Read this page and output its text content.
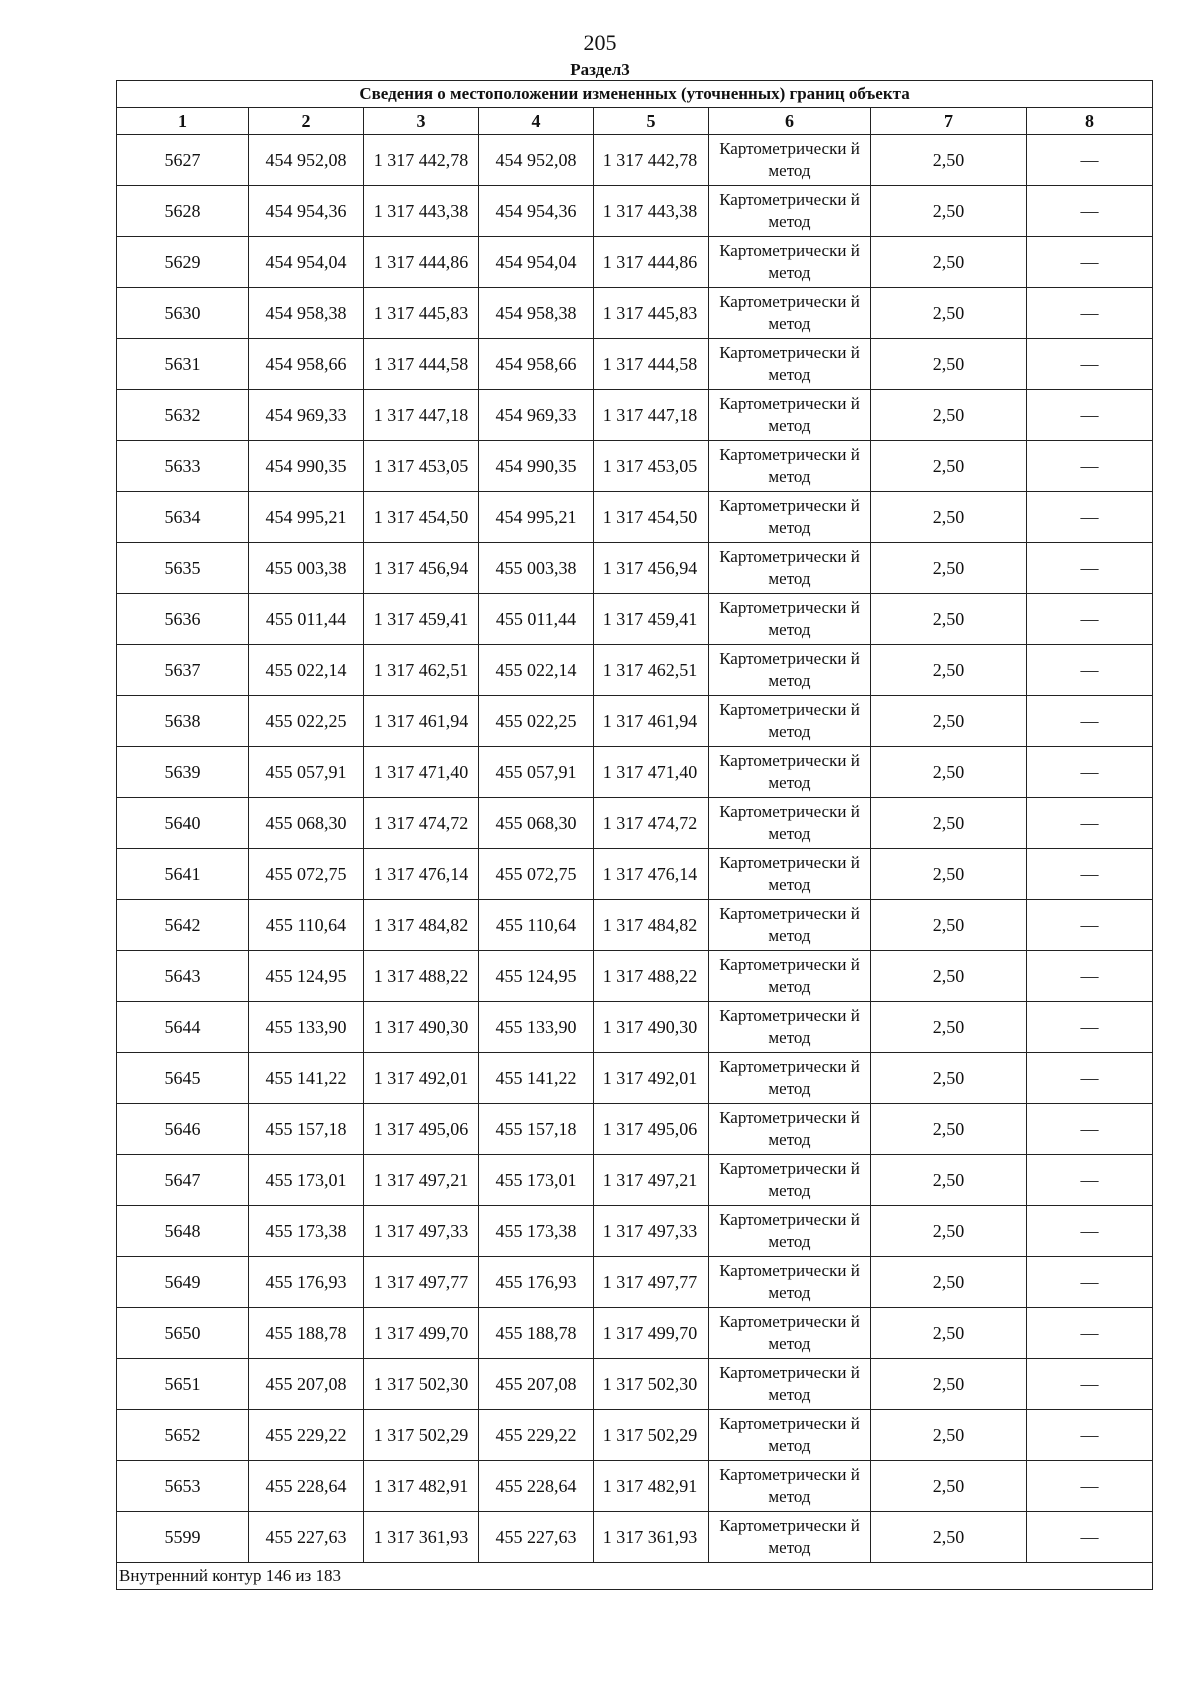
205
Раздел3
Сведения о местоположении измененных (уточненных) границ объекта							
1	2	3	4	5	6	7	8
5627	454 952,08	1 317 442,78	454 952,08	1 317 442,78	Картометрически й метод	2,50	—
5628	454 954,36	1 317 443,38	454 954,36	1 317 443,38	Картометрически й метод	2,50	—
5629	454 954,04	1 317 444,86	454 954,04	1 317 444,86	Картометрически й метод	2,50	—
5630	454 958,38	1 317 445,83	454 958,38	1 317 445,83	Картометрически й метод	2,50	—
5631	454 958,66	1 317 444,58	454 958,66	1 317 444,58	Картометрически й метод	2,50	—
5632	454 969,33	1 317 447,18	454 969,33	1 317 447,18	Картометрически й метод	2,50	—
5633	454 990,35	1 317 453,05	454 990,35	1 317 453,05	Картометрически й метод	2,50	—
5634	454 995,21	1 317 454,50	454 995,21	1 317 454,50	Картометрически й метод	2,50	—
5635	455 003,38	1 317 456,94	455 003,38	1 317 456,94	Картометрически й метод	2,50	—
5636	455 011,44	1 317 459,41	455 011,44	1 317 459,41	Картометрически й метод	2,50	—
5637	455 022,14	1 317 462,51	455 022,14	1 317 462,51	Картометрически й метод	2,50	—
5638	455 022,25	1 317 461,94	455 022,25	1 317 461,94	Картометрически й метод	2,50	—
5639	455 057,91	1 317 471,40	455 057,91	1 317 471,40	Картометрически й метод	2,50	—
5640	455 068,30	1 317 474,72	455 068,30	1 317 474,72	Картометрически й метод	2,50	—
5641	455 072,75	1 317 476,14	455 072,75	1 317 476,14	Картометрически й метод	2,50	—
5642	455 110,64	1 317 484,82	455 110,64	1 317 484,82	Картометрически й метод	2,50	—
5643	455 124,95	1 317 488,22	455 124,95	1 317 488,22	Картометрически й метод	2,50	—
5644	455 133,90	1 317 490,30	455 133,90	1 317 490,30	Картометрически й метод	2,50	—
5645	455 141,22	1 317 492,01	455 141,22	1 317 492,01	Картометрически й метод	2,50	—
5646	455 157,18	1 317 495,06	455 157,18	1 317 495,06	Картометрически й метод	2,50	—
5647	455 173,01	1 317 497,21	455 173,01	1 317 497,21	Картометрически й метод	2,50	—
5648	455 173,38	1 317 497,33	455 173,38	1 317 497,33	Картометрически й метод	2,50	—
5649	455 176,93	1 317 497,77	455 176,93	1 317 497,77	Картометрически й метод	2,50	—
5650	455 188,78	1 317 499,70	455 188,78	1 317 499,70	Картометрически й метод	2,50	—
5651	455 207,08	1 317 502,30	455 207,08	1 317 502,30	Картометрически й метод	2,50	—
5652	455 229,22	1 317 502,29	455 229,22	1 317 502,29	Картометрически й метод	2,50	—
5653	455 228,64	1 317 482,91	455 228,64	1 317 482,91	Картометрически й метод	2,50	—
5599	455 227,63	1 317 361,93	455 227,63	1 317 361,93	Картометрически й метод	2,50	—
Внутренний контур 146 из 183							
